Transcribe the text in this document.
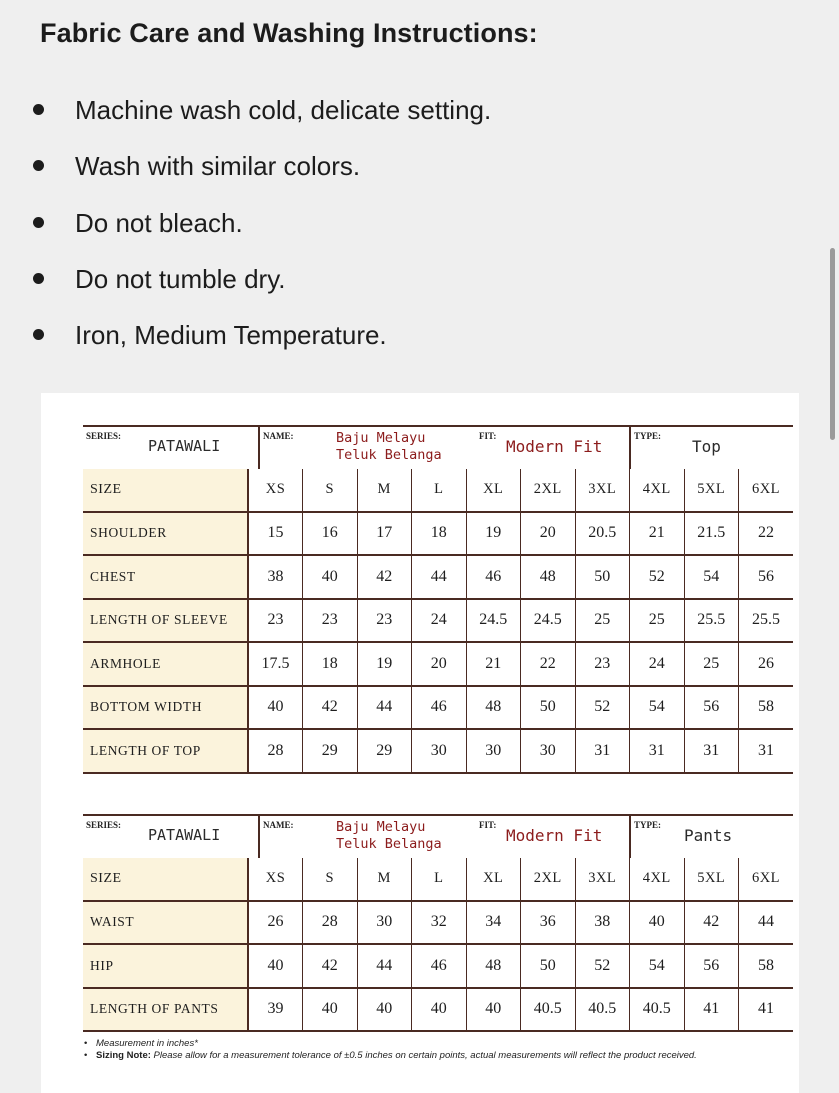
Fabric Care and Washing Instructions:
Machine wash cold, delicate setting.
Wash with similar colors.
Do not bleach.
Do not tumble dry.
Iron, Medium Temperature.
SERIES:
PATAWALI
NAME:	Baju Melayu
Teluk Belanga
FIT:
Modern Fit
TYPE:
Top
SIZE	XS	S	M	L	XL	2XL	3XL	4XL	5XL	6XL
SHOULDER	15	16	17	18	19	20	20.5	21	21.5	22
CHEST	38	40	42	44	46	48	50	52	54	56
LENGTH OF SLEEVE	23	23	23	24	24.5	24.5	25	25	25.5	25.5
ARMHOLE	17.5	18	19	20	21	22	23	24	25	26
BOTTOM WIDTH	40	42	44	46	48	50	52	54	56	58
LENGTH OF TOP	28	29	29	30	30	30	31	31	31	31
SERIES:
PATAWALI
NAME:	Baju Melayu
Teluk Belanga
FIT:
Modern Fit
TYPE:
Pants
SIZE	XS	S	M	L	XL	2XL	3XL	4XL	5XL	6XL
WAIST	26	28	30	32	34	36	38	40	42	44
HIP	40	42	44	46	48	50	52	54	56	58
LENGTH OF PANTS	39	40	40	40	40	40.5	40.5	40.5	41	41
• Measurement in inches*
• Sizing Note: Please allow for a measurement tolerance of ±0.5 inches on certain points, actual measurements will reflect the product received.
